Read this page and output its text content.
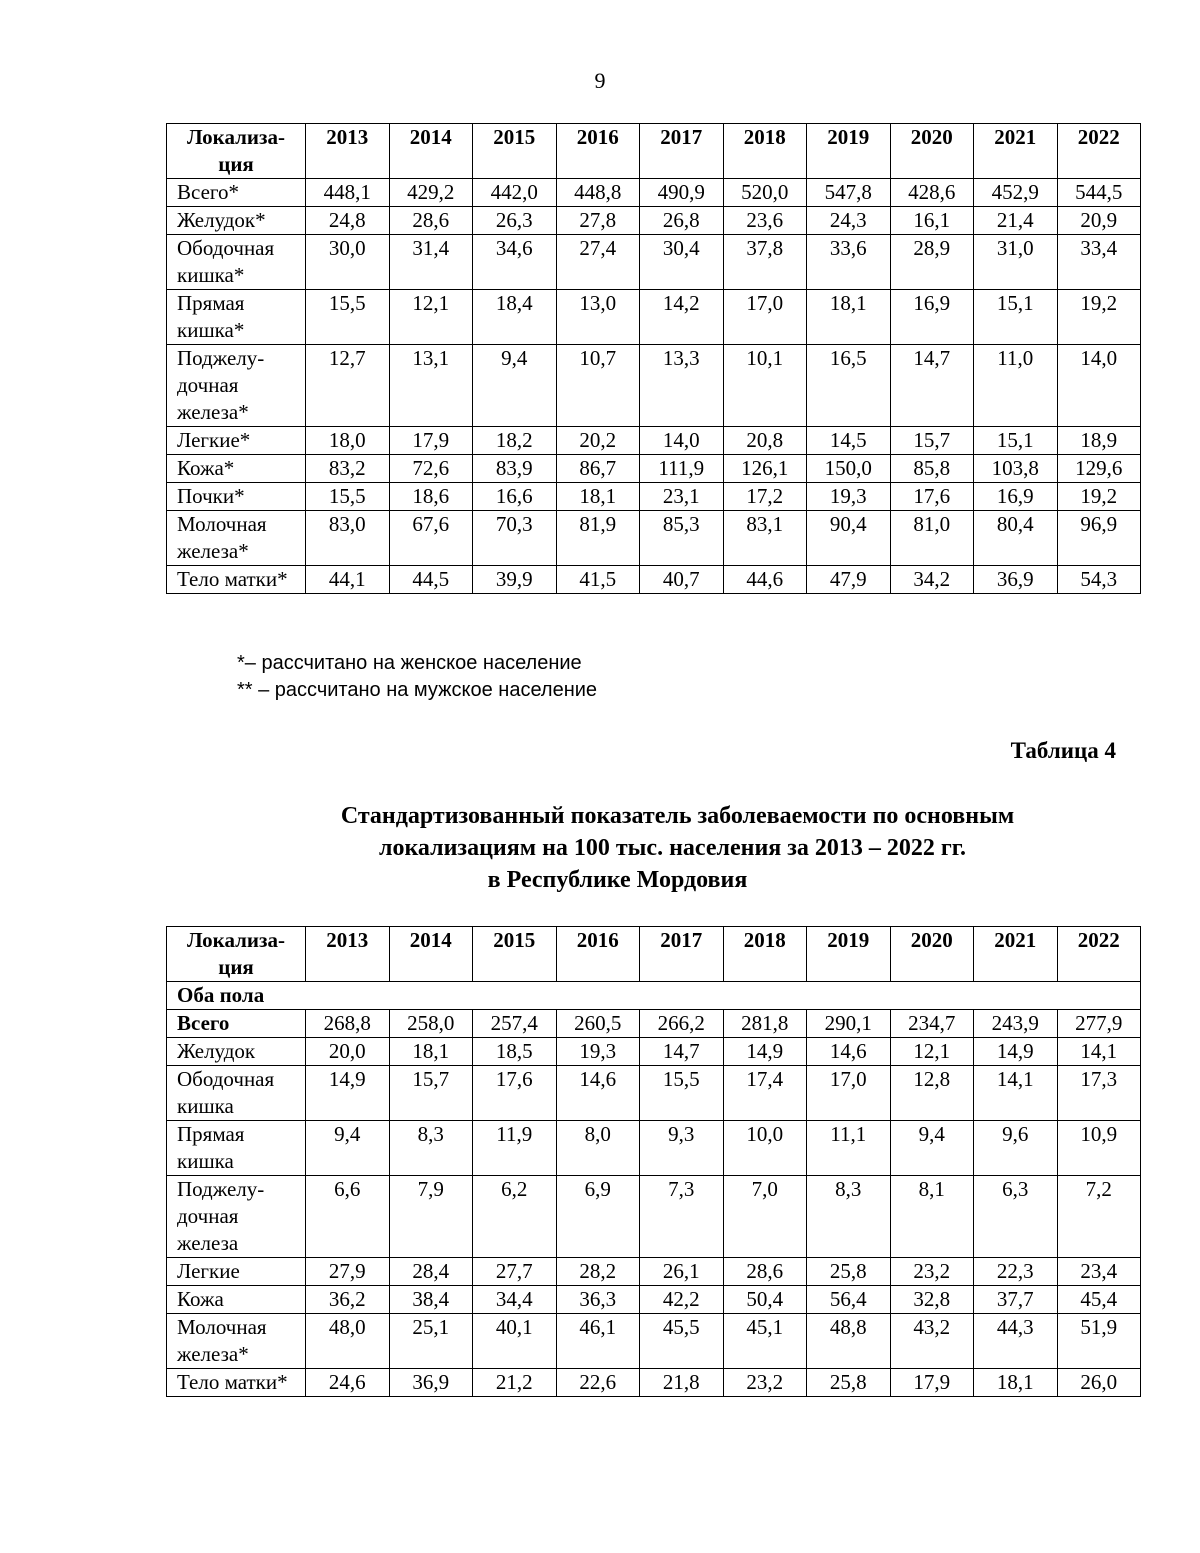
9
Локализа-ция	2013	2014	2015	2016	2017	2018	2019	2020	2021	2022
Всего*	448,1	429,2	442,0	448,8	490,9	520,0	547,8	428,6	452,9	544,5
Желудок*	24,8	28,6	26,3	27,8	26,8	23,6	24,3	16,1	21,4	20,9
Ободочная кишка*	30,0	31,4	34,6	27,4	30,4	37,8	33,6	28,9	31,0	33,4
Прямая кишка*	15,5	12,1	18,4	13,0	14,2	17,0	18,1	16,9	15,1	19,2
Поджелу-дочная железа*	12,7	13,1	9,4	10,7	13,3	10,1	16,5	14,7	11,0	14,0
Легкие*	18,0	17,9	18,2	20,2	14,0	20,8	14,5	15,7	15,1	18,9
Кожа*	83,2	72,6	83,9	86,7	111,9	126,1	150,0	85,8	103,8	129,6
Почки*	15,5	18,6	16,6	18,1	23,1	17,2	19,3	17,6	16,9	19,2
Молочная железа*	83,0	67,6	70,3	81,9	85,3	83,1	90,4	81,0	80,4	96,9
Тело матки*	44,1	44,5	39,9	41,5	40,7	44,6	47,9	34,2	36,9	54,3
*– рассчитано на женское население
** – рассчитано на мужское население
Таблица 4
Стандартизованный показатель заболеваемости по основным
локализациям на 100 тыс. населения за 2013 – 2022 гг.
в Республике Мордовия
Локализа-ция	2013	2014	2015	2016	2017	2018	2019	2020	2021	2022
Оба пола										
Всего	268,8	258,0	257,4	260,5	266,2	281,8	290,1	234,7	243,9	277,9
Желудок	20,0	18,1	18,5	19,3	14,7	14,9	14,6	12,1	14,9	14,1
Ободочная кишка	14,9	15,7	17,6	14,6	15,5	17,4	17,0	12,8	14,1	17,3
Прямая кишка	9,4	8,3	11,9	8,0	9,3	10,0	11,1	9,4	9,6	10,9
Поджелу-дочная железа	6,6	7,9	6,2	6,9	7,3	7,0	8,3	8,1	6,3	7,2
Легкие	27,9	28,4	27,7	28,2	26,1	28,6	25,8	23,2	22,3	23,4
Кожа	36,2	38,4	34,4	36,3	42,2	50,4	56,4	32,8	37,7	45,4
Молочная железа*	48,0	25,1	40,1	46,1	45,5	45,1	48,8	43,2	44,3	51,9
Тело матки*	24,6	36,9	21,2	22,6	21,8	23,2	25,8	17,9	18,1	26,0
